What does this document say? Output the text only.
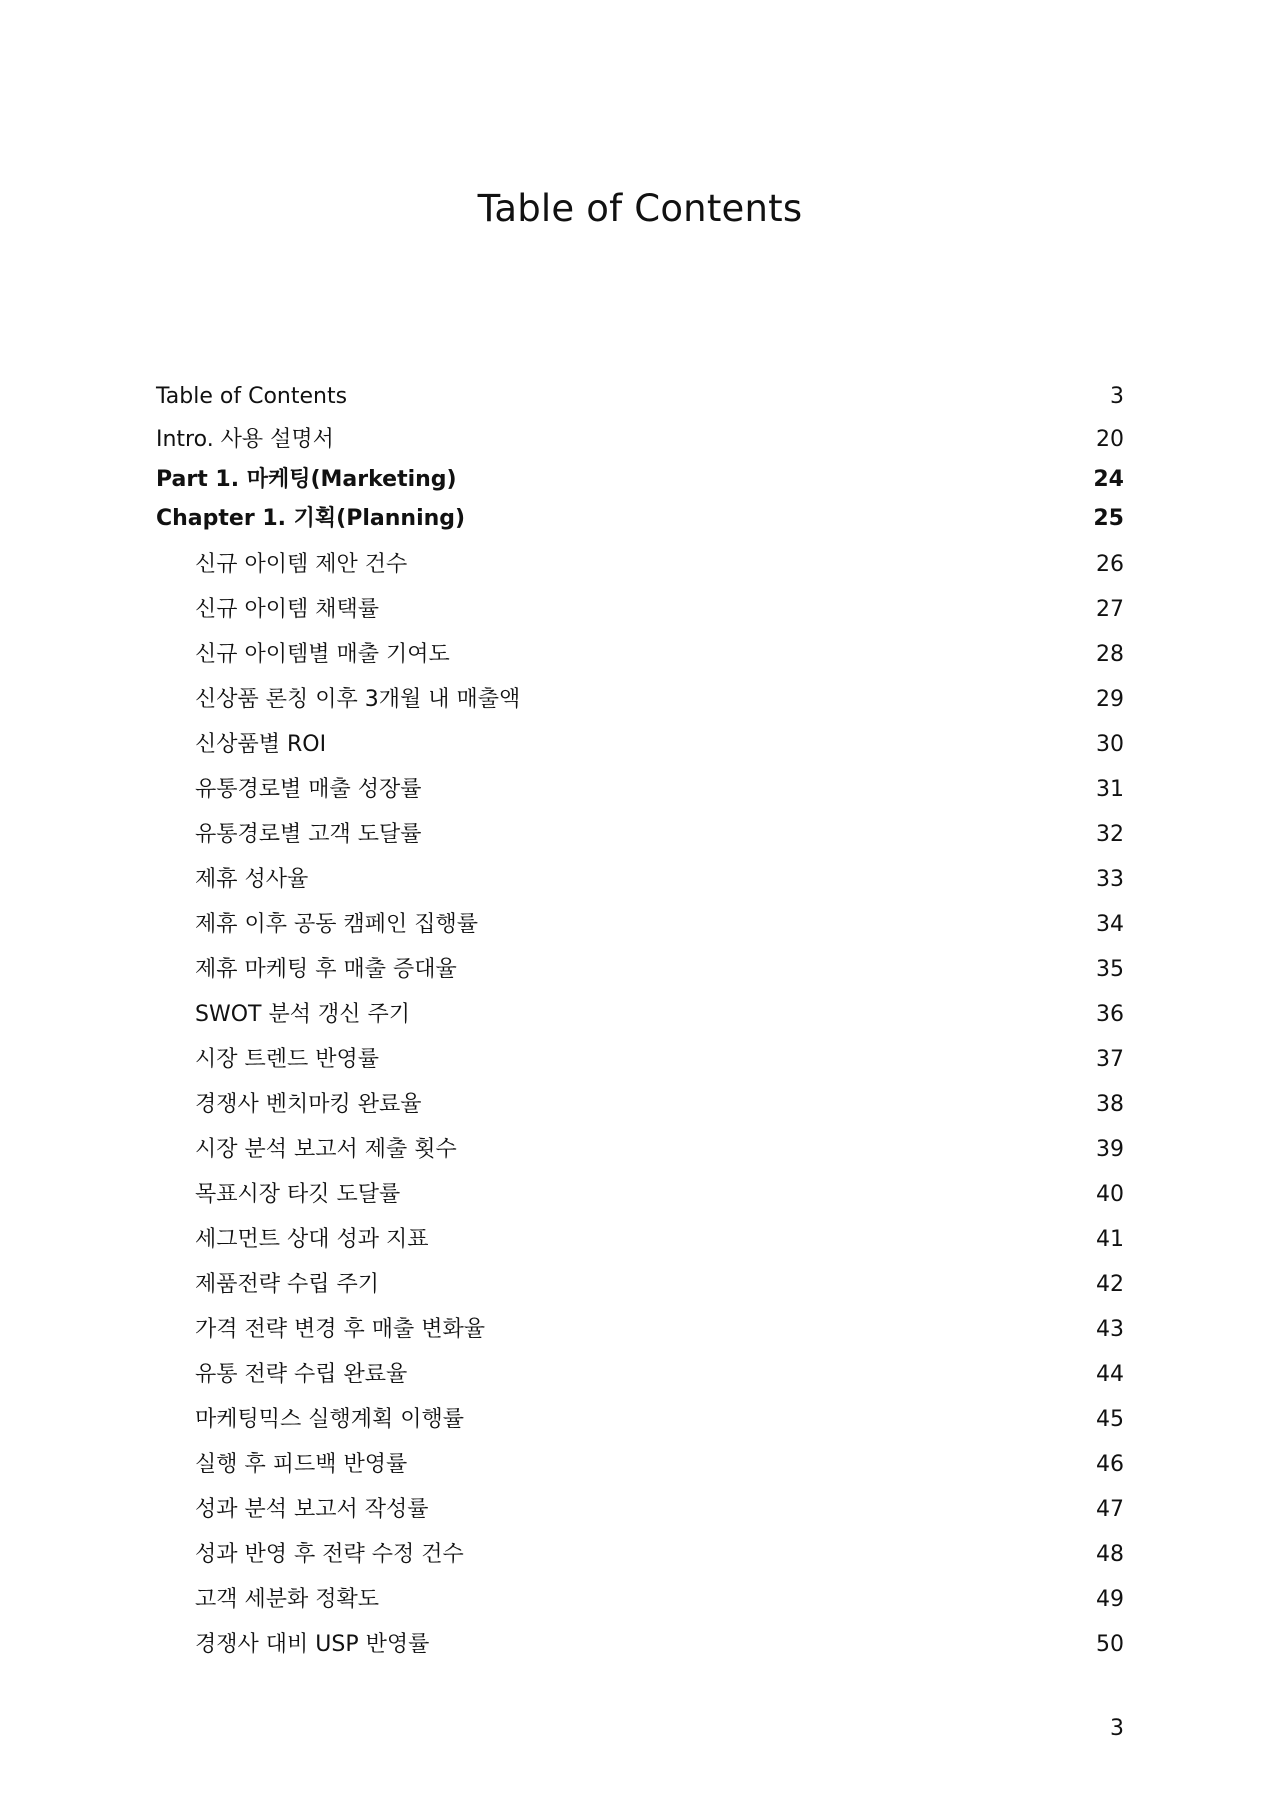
Table of Contents
Table of Contents	3
Intro. 사용 설명서	20
Part 1. 마케팅(Marketing)	24
Chapter 1. 기획(Planning)	25
신규 아이템 제안 건수	26
신규 아이템 채택률	27
신규 아이템별 매출 기여도	28
신상품 론칭 이후 3개월 내 매출액	29
신상품별 ROI	30
유통경로별 매출 성장률	31
유통경로별 고객 도달률	32
제휴 성사율	33
제휴 이후 공동 캠페인 집행률	34
제휴 마케팅 후 매출 증대율	35
SWOT 분석 갱신 주기	36
시장 트렌드 반영률	37
경쟁사 벤치마킹 완료율	38
시장 분석 보고서 제출 횟수	39
목표시장 타깃 도달률	40
세그먼트 상대 성과 지표	41
제품전략 수립 주기	42
가격 전략 변경 후 매출 변화율	43
유통 전략 수립 완료율	44
마케팅믹스 실행계획 이행률	45
실행 후 피드백 반영률	46
성과 분석 보고서 작성률	47
성과 반영 후 전략 수정 건수	48
고객 세분화 정확도	49
경쟁사 대비 USP 반영률	50
3
